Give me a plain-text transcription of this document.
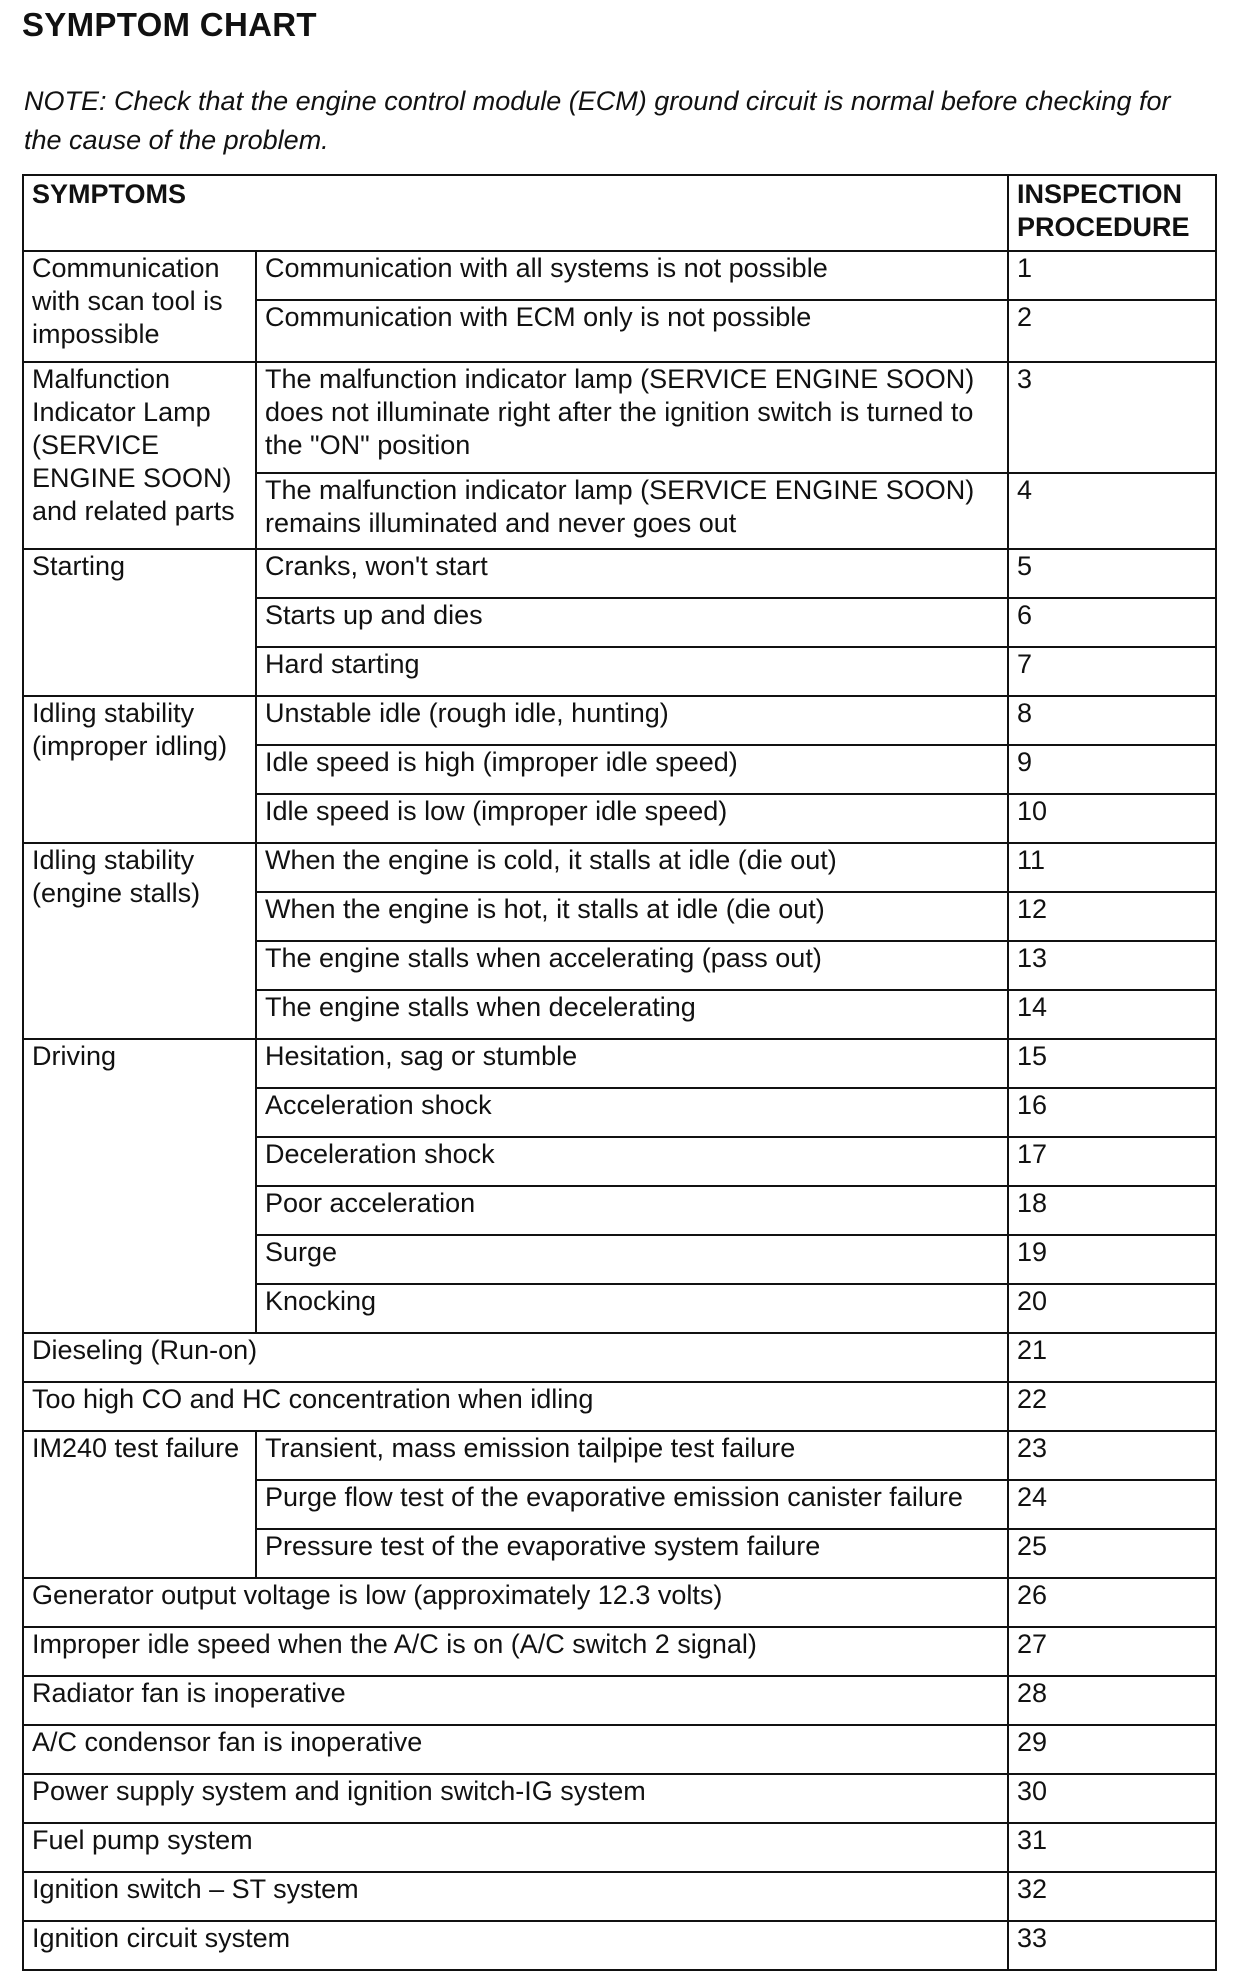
SYMPTOM CHART
NOTE: Check that the engine control module (ECM) ground circuit is normal before checking for the cause of the problem.
SYMPTOMS		INSPECTION PROCEDURE
Communication with scan tool is impossible	Communication with all systems is not possible	1
	Communication with ECM only is not possible	2
Malfunction Indicator Lamp (SERVICE ENGINE SOON) and related parts	The malfunction indicator lamp (SERVICE ENGINE SOON) does not illuminate right after the ignition switch is turned to the "ON" position	3
	The malfunction indicator lamp (SERVICE ENGINE SOON) remains illuminated and never goes out	4
Starting	Cranks, won't start	5
	Starts up and dies	6
	Hard starting	7
Idling stability (improper idling)	Unstable idle (rough idle, hunting)	8
	Idle speed is high (improper idle speed)	9
	Idle speed is low (improper idle speed)	10
Idling stability (engine stalls)	When the engine is cold, it stalls at idle (die out)	11
	When the engine is hot, it stalls at idle (die out)	12
	The engine stalls when accelerating (pass out)	13
	The engine stalls when decelerating	14
Driving	Hesitation, sag or stumble	15
	Acceleration shock	16
	Deceleration shock	17
	Poor acceleration	18
	Surge	19
	Knocking	20
Dieseling (Run-on)		21
Too high CO and HC concentration when idling		22
IM240 test failure	Transient, mass emission tailpipe test failure	23
	Purge flow test of the evaporative emission canister failure	24
	Pressure test of the evaporative system failure	25
Generator output voltage is low (approximately 12.3 volts)		26
Improper idle speed when the A/C is on (A/C switch 2 signal)		27
Radiator fan is inoperative		28
A/C condensor fan is inoperative		29
Power supply system and ignition switch-IG system		30
Fuel pump system		31
Ignition switch – ST system		32
Ignition circuit system		33
